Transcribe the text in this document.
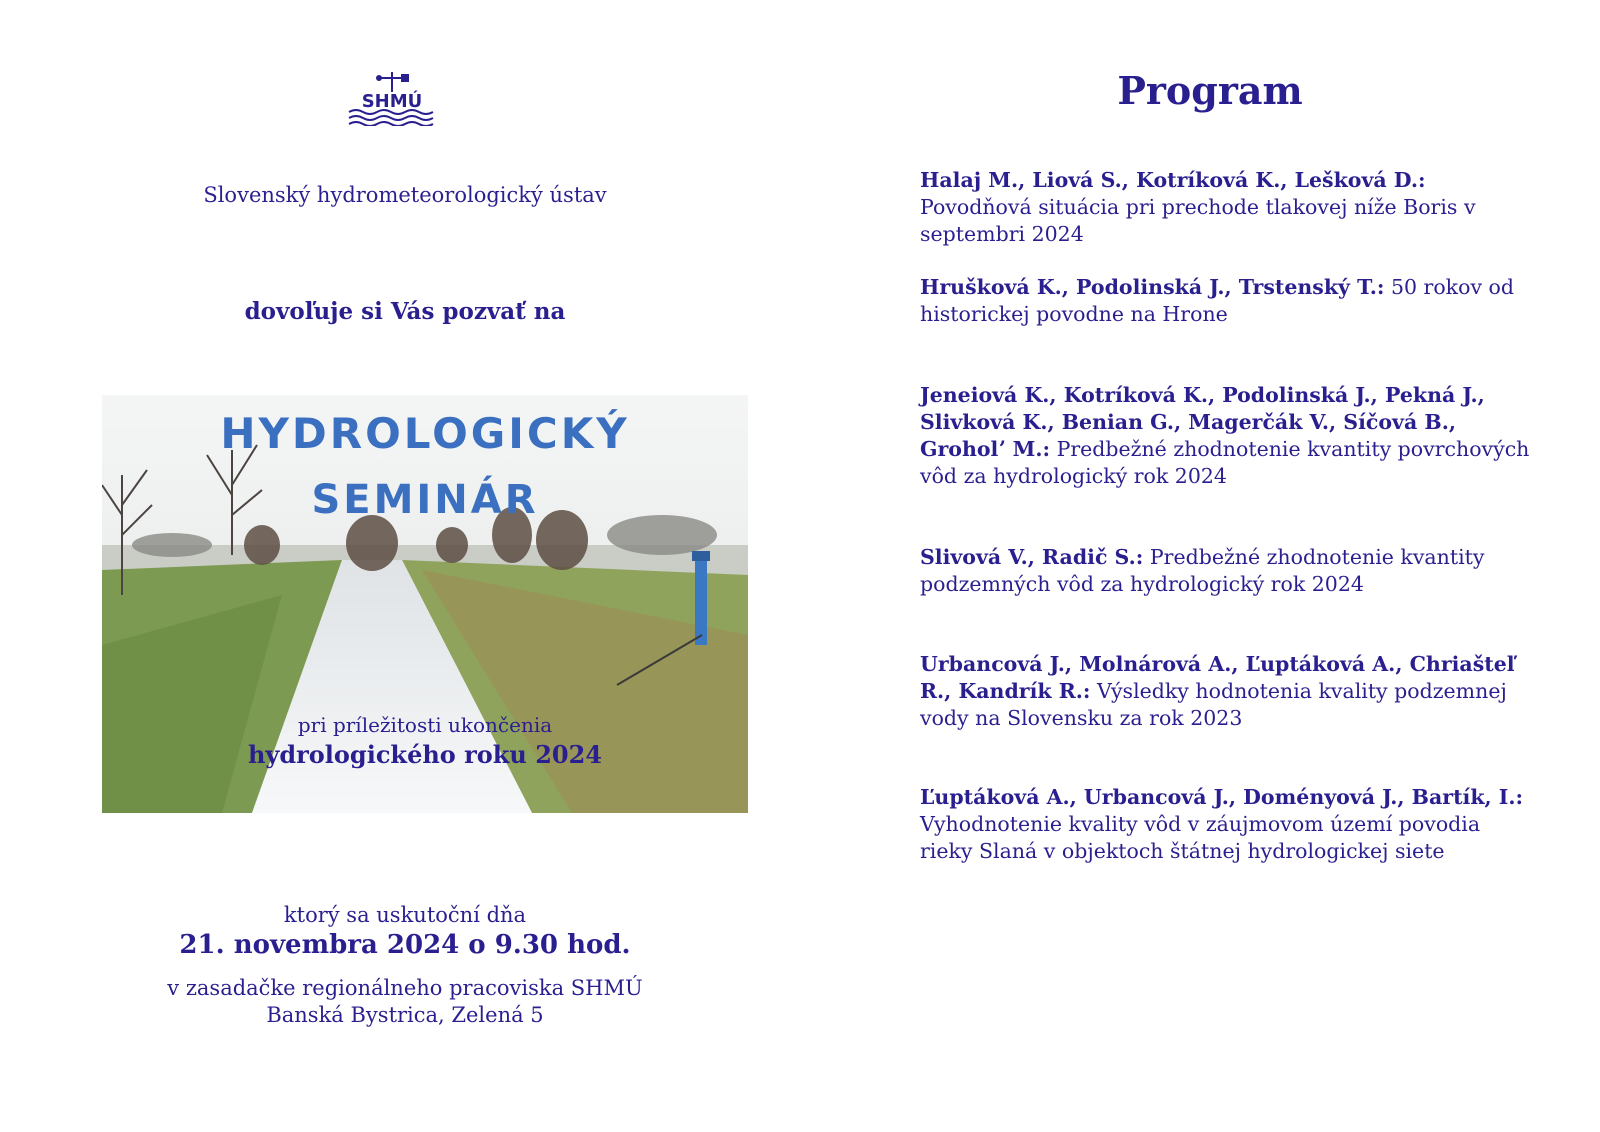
SHMÚ
Slovenský hydrometeorologický ústav
dovoľuje si Vás pozvať na
HYDROLOGICKÝ
SEMINÁR
pri príležitosti ukončenia
hydrologického roku 2024
ktorý sa uskutoční dňa
21. novembra 2024 o 9.30 hod.
v zasadačke regionálneho pracoviska SHMÚ
Banská Bystrica, Zelená 5
Program
Halaj M., Liová S., Kotríková K., Lešková D.: Povodňová situácia pri prechode tlakovej níže Boris v septembri 2024
Hrušková K., Podolinská J., Trstenský T.: 50 rokov od historickej povodne na Hrone
Jeneiová K., Kotríková K., Podolinská J., Pekná J., Slivková K., Benian G., Magerčák V., Síčová B., Groholʼ M.: Predbežné zhodnotenie kvantity povrchových vôd za hydrologický rok 2024
Slivová V., Radič S.: Predbežné zhodnotenie kvantity podzemných vôd za hydrologický rok 2024
Urbancová J., Molnárová A., Ľuptáková A., Chriašteľ R., Kandrík R.: Výsledky hodnotenia kvality podzemnej vody na Slovensku za rok 2023
Ľuptáková A., Urbancová J., Doményová J., Bartík, I.: Vyhodnotenie kvality vôd v záujmovom území povodia rieky Slaná v objektoch štátnej hydrologickej siete
